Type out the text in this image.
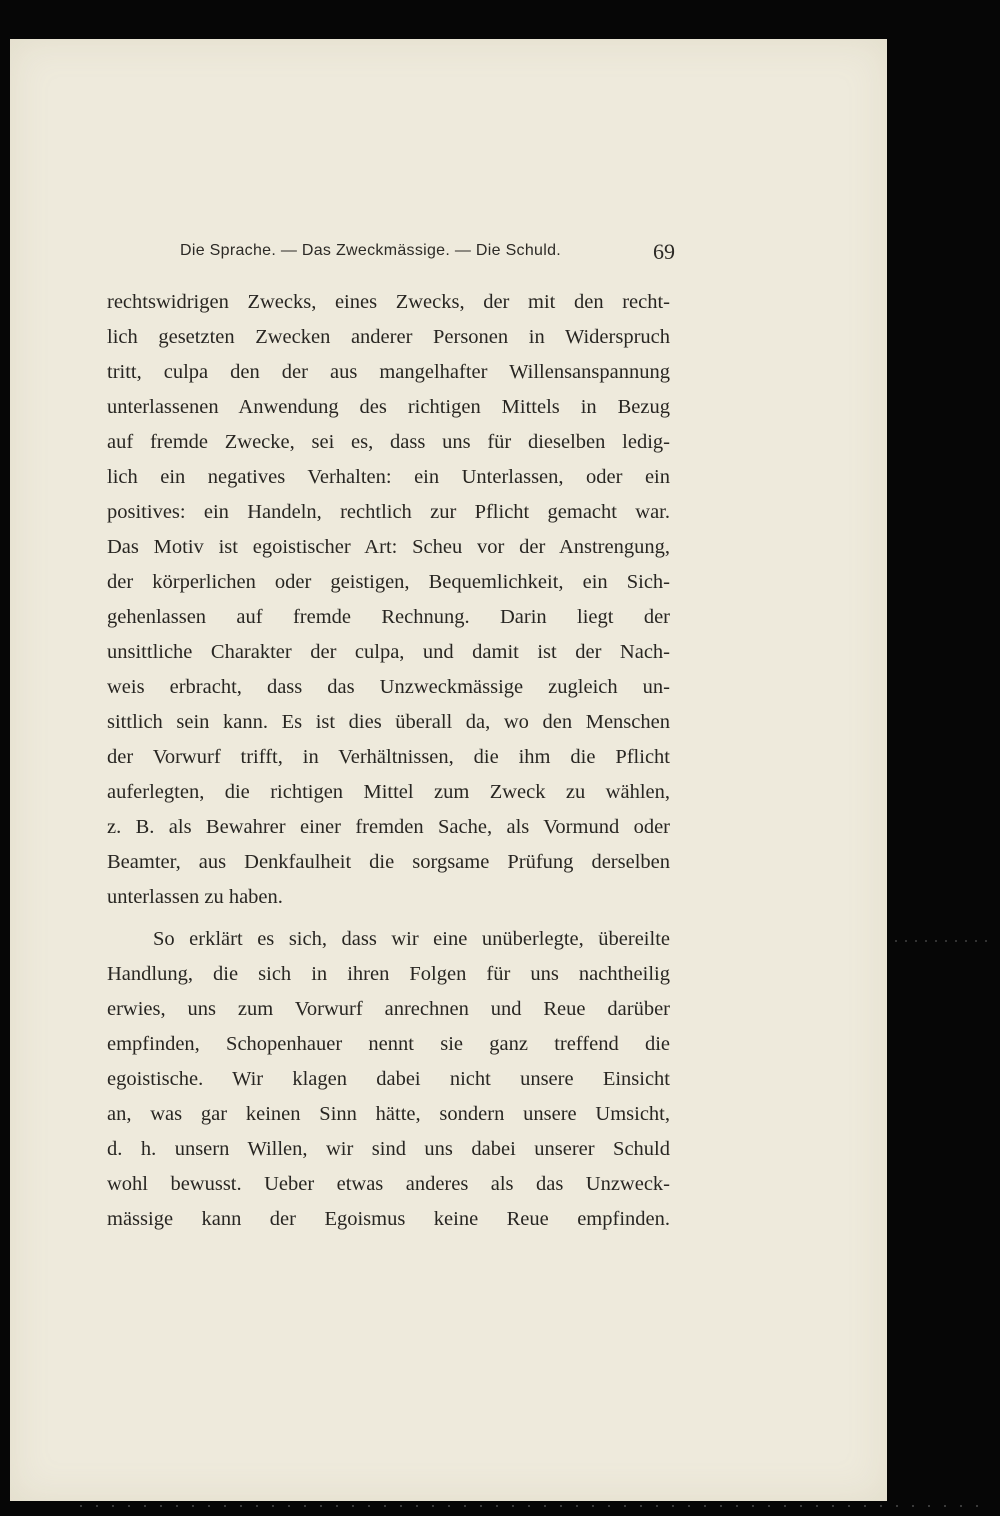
Die Sprache. — Das Zweckmässige. — Die Schuld.	69
rechtswidrigen Zwecks, eines Zwecks, der mit den recht-
lich gesetzten Zwecken anderer Personen in Widerspruch
tritt, culpa den der aus mangelhafter Willensanspannung
unterlassenen Anwendung des richtigen Mittels in Bezug
auf fremde Zwecke, sei es, dass uns für dieselben ledig-
lich ein negatives Verhalten: ein Unterlassen, oder ein
positives: ein Handeln, rechtlich zur Pflicht gemacht war.
Das Motiv ist egoistischer Art: Scheu vor der Anstrengung,
der körperlichen oder geistigen, Bequemlichkeit, ein Sich-
gehenlassen auf fremde Rechnung. Darin liegt der
unsittliche Charakter der culpa, und damit ist der Nach-
weis erbracht, dass das Unzweckmässige zugleich un-
sittlich sein kann. Es ist dies überall da, wo den Menschen
der Vorwurf trifft, in Verhältnissen, die ihm die Pflicht
auferlegten, die richtigen Mittel zum Zweck zu wählen,
z. B. als Bewahrer einer fremden Sache, als Vormund oder
Beamter, aus Denkfaulheit die sorgsame Prüfung derselben
unterlassen zu haben.
So erklärt es sich, dass wir eine unüberlegte, übereilte
Handlung, die sich in ihren Folgen für uns nachtheilig
erwies, uns zum Vorwurf anrechnen und Reue darüber
empfinden, Schopenhauer nennt sie ganz treffend die
egoistische. Wir klagen dabei nicht unsere Einsicht
an, was gar keinen Sinn hätte, sondern unsere Umsicht,
d. h. unsern Willen, wir sind uns dabei unserer Schuld
wohl bewusst. Ueber etwas anderes als das Unzweck-
mässige kann der Egoismus keine Reue empfinden.
